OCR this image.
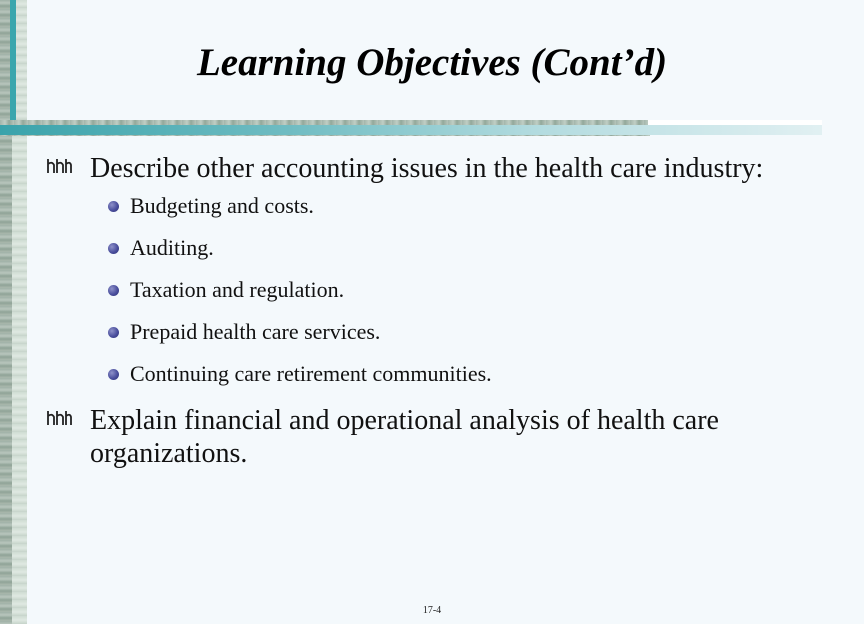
Learning Objectives (Cont’d)
Describe other accounting issues in the health care industry:
Budgeting and costs.
Auditing.
Taxation and regulation.
Prepaid health care services.
Continuing care retirement communities.
Explain financial and operational analysis of health care organizations.
17-4
